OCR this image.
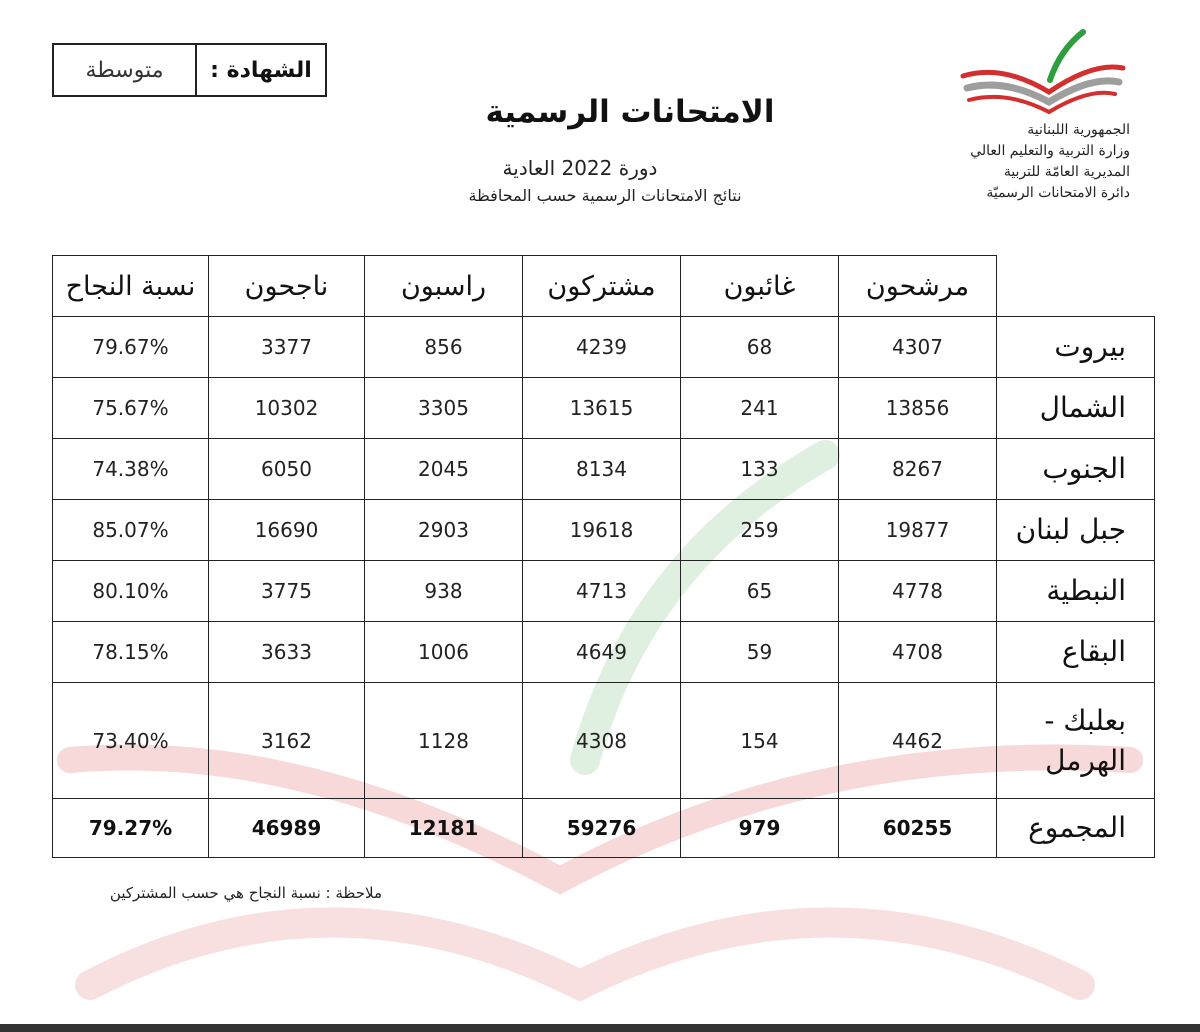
الشهادة :
متوسطة
الامتحانات الرسمية
دورة 2022 العادية
نتائج الامتحانات الرسمية حسب المحافظة
الجمهورية اللبنانية
وزارة التربية والتعليم العالي
المديرية العامّة للتربية
دائرة الامتحانات الرسميّة
	مرشحون	غائبون	مشتركون	راسبون	ناجحون	نسبة النجاح
بيروت	4307	68	4239	856	3377	79.67%
الشمال	13856	241	13615	3305	10302	75.67%
الجنوب	8267	133	8134	2045	6050	74.38%
جبل لبنان	19877	259	19618	2903	16690	85.07%
النبطية	4778	65	4713	938	3775	80.10%
البقاع	4708	59	4649	1006	3633	78.15%

بعلبك -
الهرمل	4462	154	4308	1128	3162	73.40%
المجموع	60255	979	59276	12181	46989	79.27%
ملاحظة : نسبة النجاح هي حسب المشتركين
